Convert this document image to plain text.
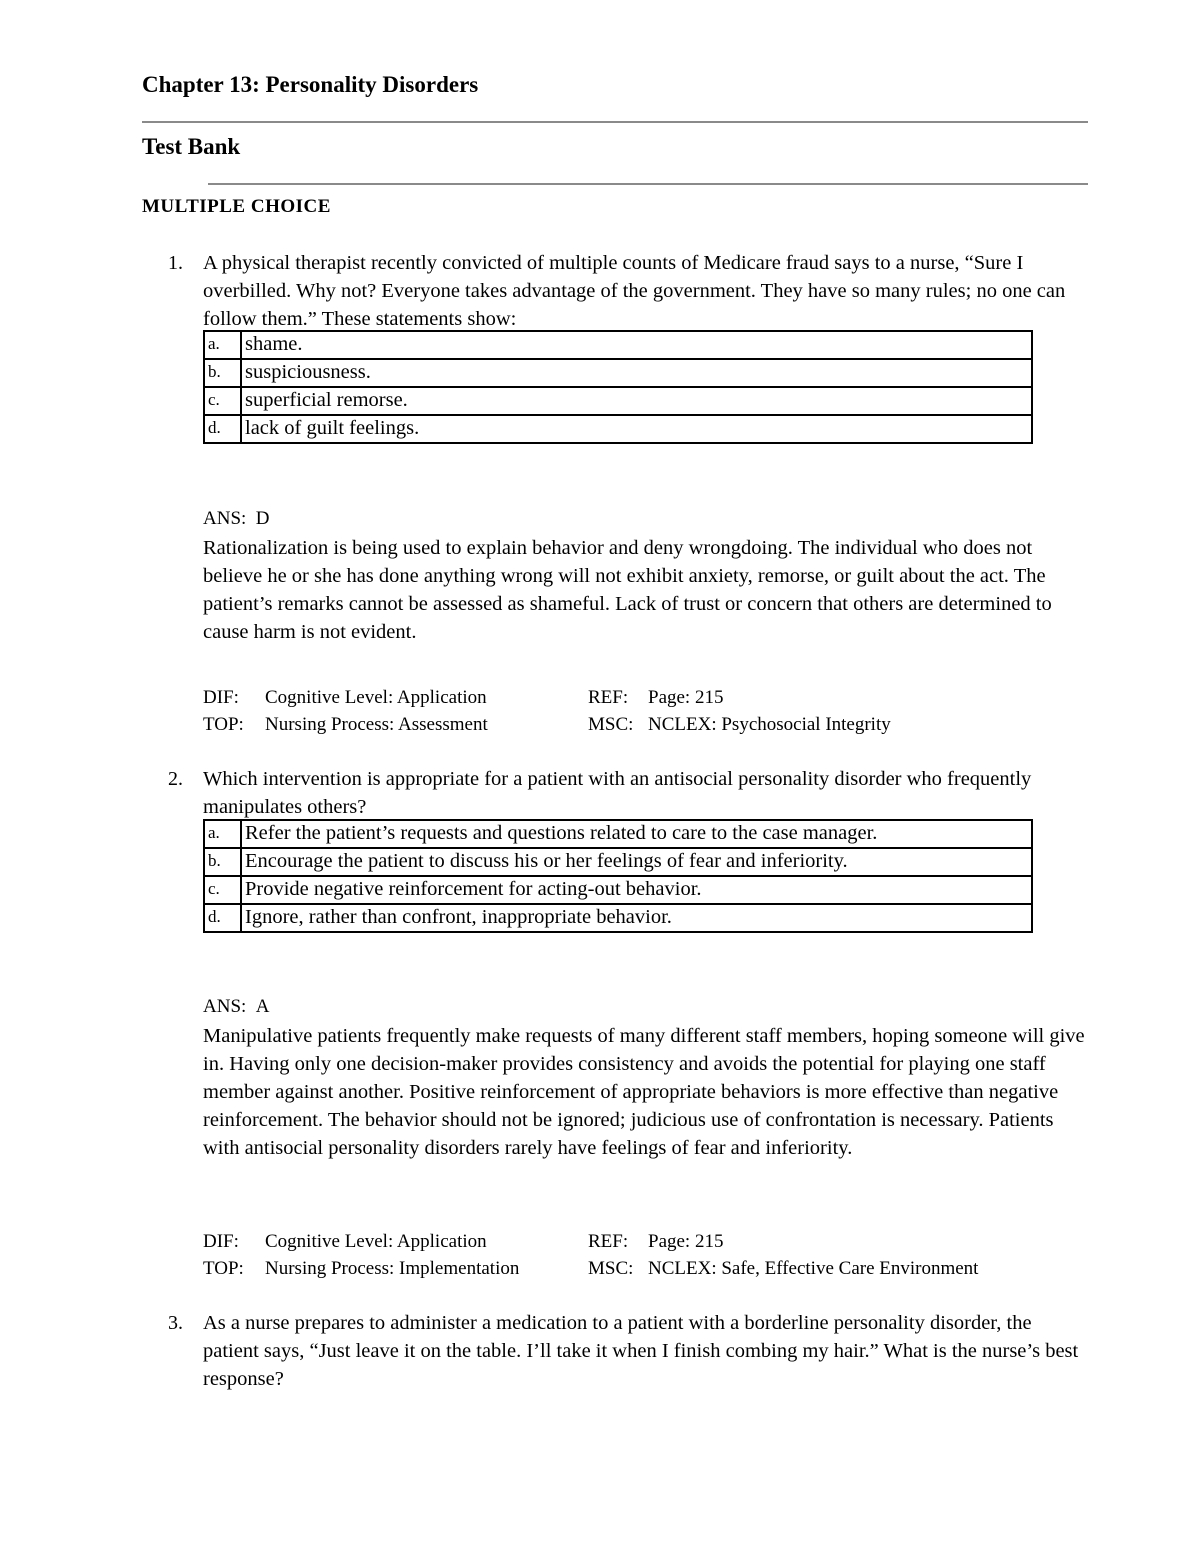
Chapter 13: Personality Disorders
Test Bank
MULTIPLE CHOICE
1. A physical therapist recently convicted of multiple counts of Medicare fraud says to a nurse, “Sure I overbilled. Why not? Everyone takes advantage of the government. They have so many rules; no one can follow them.” These statements show:

a.	shame.
b.	suspiciousness.
c.	superficial remorse.
d.	lack of guilt feelings.
ANS: D

Rationalization is being used to explain behavior and deny wrongdoing. The individual who does not believe he or she has done anything wrong will not exhibit anxiety, remorse, or guilt about the act. The patient’s remarks cannot be assessed as shameful. Lack of trust or concern that others are determined to cause harm is not evident.

DIF: Cognitive Level: Application	REF: Page: 215
TOP: Nursing Process: Assessment	MSC: NCLEX: Psychosocial Integrity
2. Which intervention is appropriate for a patient with an antisocial personality disorder who frequently manipulates others?

a.	Refer the patient’s requests and questions related to care to the case manager.
b.	Encourage the patient to discuss his or her feelings of fear and inferiority.
c.	Provide negative reinforcement for acting-out behavior.
d.	Ignore, rather than confront, inappropriate behavior.
ANS: A

Manipulative patients frequently make requests of many different staff members, hoping someone will give in. Having only one decision-maker provides consistency and avoids the potential for playing one staff member against another. Positive reinforcement of appropriate behaviors is more effective than negative reinforcement. The behavior should not be ignored; judicious use of confrontation is necessary. Patients with antisocial personality disorders rarely have feelings of fear and inferiority.

DIF: Cognitive Level: Application	REF: Page: 215
TOP: Nursing Process: Implementation	MSC: NCLEX: Safe, Effective Care Environment
3. As a nurse prepares to administer a medication to a patient with a borderline personality disorder, the patient says, “Just leave it on the table. I’ll take it when I finish combing my hair.” What is the nurse’s best response?
